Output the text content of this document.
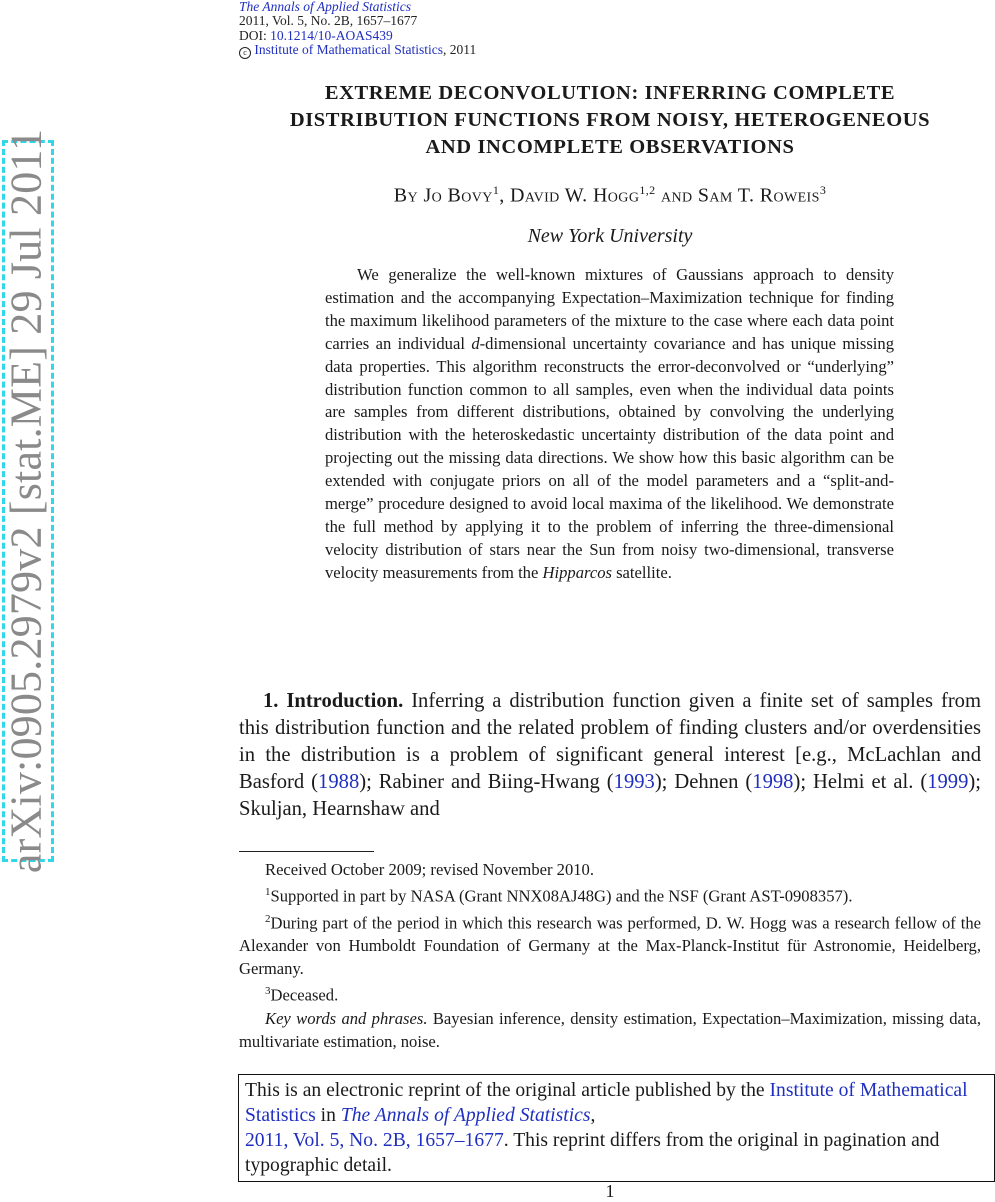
arXiv:0905.2979v2 [stat.ME] 29 Jul 2011
The Annals of Applied Statistics
2011, Vol. 5, No. 2B, 1657–1677
DOI: 10.1214/10-AOAS439
c Institute of Mathematical Statistics, 2011
EXTREME DECONVOLUTION: INFERRING COMPLETE
DISTRIBUTION FUNCTIONS FROM NOISY, HETEROGENEOUS
AND INCOMPLETE OBSERVATIONS
By Jo Bovy$^1$, David W. Hogg$^{1,2}$ and Sam T. Roweis$^3$
New York University

We generalize the well-known mixtures of Gaussians approach to density estimation and the accompanying Expectation–Maximization technique for finding the maximum likelihood parameters of the mixture to the case where each data point carries an individual d-dimensional uncertainty covariance and has unique missing data properties. This algorithm reconstructs the error-deconvolved or “underlying” distribution function common to all samples, even when the individual data points are samples from different distributions, obtained by convolving the underlying distribution with the heteroskedastic uncertainty distribution of the data point and projecting out the missing data directions. We show how this basic algorithm can be extended with conjugate priors on all of the model parameters and a “split-and-merge” procedure designed to avoid local maxima of the likelihood. We demonstrate the full method by applying it to the problem of inferring the three-dimensional velocity distribution of stars near the Sun from noisy two-dimensional, transverse velocity measurements from the Hipparcos satellite.

1. Introduction. Inferring a distribution function given a finite set of samples from this distribution function and the related problem of finding clusters and/or overdensities in the distribution is a problem of significant general interest [e.g., McLachlan and Basford (1988); Rabiner and Biing-Hwang (1993); Dehnen (1998); Helmi et al. (1999); Skuljan, Hearnshaw and

Received October 2009; revised November 2010.

$^1$Supported in part by NASA (Grant NNX08AJ48G) and the NSF (Grant AST-0908357).

$^2$During part of the period in which this research was performed, D. W. Hogg was a research fellow of the Alexander von Humboldt Foundation of Germany at the Max-Planck-Institut für Astronomie, Heidelberg, Germany.

$^3$Deceased.

Key words and phrases. Bayesian inference, density estimation, Expectation–Maximization, missing data, multivariate estimation, noise.

This is an electronic reprint of the original article published by the Institute of Mathematical Statistics in The Annals of Applied Statistics,
2011, Vol. 5, No. 2B, 1657–1677. This reprint differs from the original in pagination and typographic detail.
1
